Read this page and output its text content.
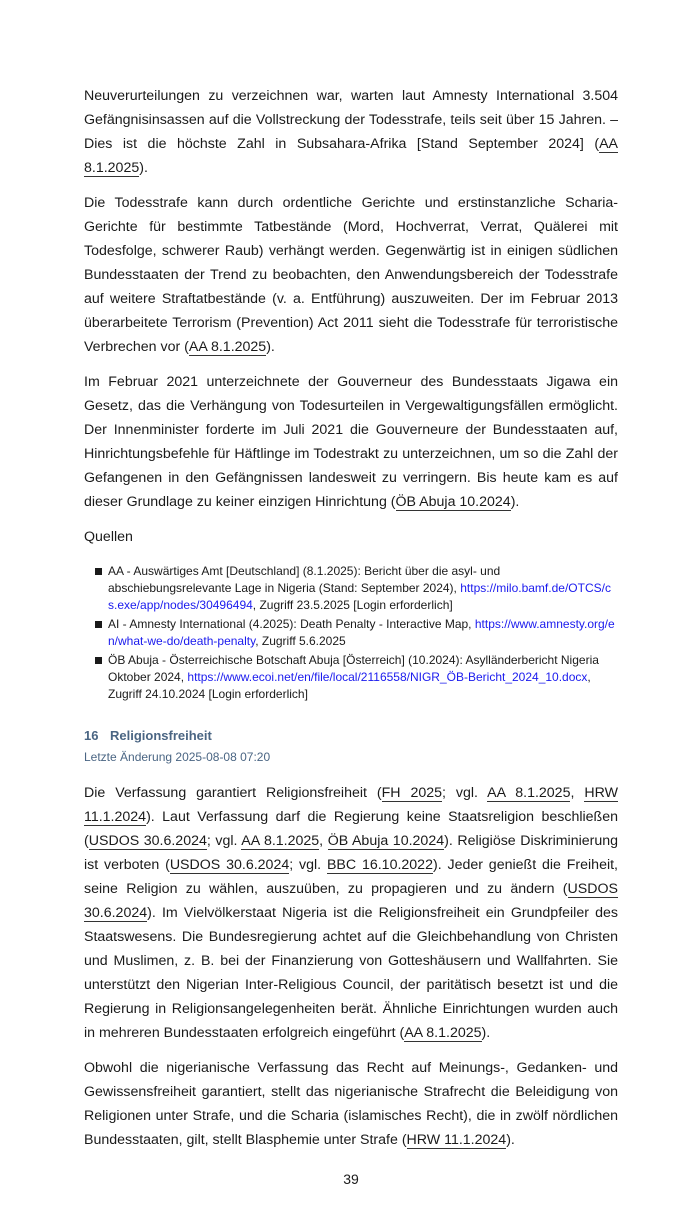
Neuverurteilungen zu verzeichnen war, warten laut Amnesty International 3.504 Gefängnisinsassen auf die Vollstreckung der Todesstrafe, teils seit über 15 Jahren. – Dies ist die höchste Zahl in Subsahara-Afrika [Stand September 2024] (AA 8.1.2025).

Die Todesstrafe kann durch ordentliche Gerichte und erstinstanzliche Scharia-Gerichte für bestimmte Tatbestände (Mord, Hochverrat, Verrat, Quälerei mit Todesfolge, schwerer Raub) verhängt werden. Gegenwärtig ist in einigen südlichen Bundesstaaten der Trend zu beobachten, den Anwendungsbereich der Todesstrafe auf weitere Straftatbestände (v. a. Entführung) auszuweiten. Der im Februar 2013 überarbeitete Terrorism (Prevention) Act 2011 sieht die Todesstrafe für terroristische Verbrechen vor (AA 8.1.2025).

Im Februar 2021 unterzeichnete der Gouverneur des Bundesstaats Jigawa ein Gesetz, das die Verhängung von Todesurteilen in Vergewaltigungsfällen ermöglicht. Der Innenminister forderte im Juli 2021 die Gouverneure der Bundesstaaten auf, Hinrichtungsbefehle für Häftlinge im Todestrakt zu unterzeichnen, um so die Zahl der Gefangenen in den Gefängnissen landesweit zu verringern. Bis heute kam es auf dieser Grundlage zu keiner einzigen Hinrichtung (ÖB Abuja 10.2024).

Quellen

AA - Auswärtiges Amt [Deutschland] (8.1.2025): Bericht über die asyl- und abschiebungsrelevante Lage in Nigeria (Stand: September 2024), https://milo.bamf.de/OTCS/cs.exe/app/nodes/30496494, Zugriff 23.5.2025 [Login erforderlich]
AI - Amnesty International (4.2025): Death Penalty - Interactive Map, https://www.amnesty.org/en/what-we-do/death-penalty, Zugriff 5.6.2025
ÖB Abuja - Österreichische Botschaft Abuja [Österreich] (10.2024): Asylländerbericht Nigeria Oktober 2024, https://www.ecoi.net/en/file/local/2116558/NIGR_ÖB-Bericht_2024_10.docx, Zugriff 24.10.2024 [Login erforderlich]
16 Religionsfreiheit
Letzte Änderung 2025-08-08 07:20

Die Verfassung garantiert Religionsfreiheit (FH 2025; vgl. AA 8.1.2025, HRW 11.1.2024). Laut Verfassung darf die Regierung keine Staatsreligion beschließen (USDOS 30.6.2024; vgl. AA 8.1.2025, ÖB Abuja 10.2024). Religiöse Diskriminierung ist verboten (USDOS 30.6.2024; vgl. BBC 16.10.2022). Jeder genießt die Freiheit, seine Religion zu wählen, auszuüben, zu propagieren und zu ändern (USDOS 30.6.2024). Im Vielvölkerstaat Nigeria ist die Religionsfreiheit ein Grundpfeiler des Staatswesens. Die Bundesregierung achtet auf die Gleichbehandlung von Christen und Muslimen, z. B. bei der Finanzierung von Gotteshäusern und Wallfahrten. Sie unterstützt den Nigerian Inter-Religious Council, der paritätisch besetzt ist und die Regierung in Religionsangelegenheiten berät. Ähnliche Einrichtungen wurden auch in mehreren Bundesstaaten erfolgreich eingeführt (AA 8.1.2025).

Obwohl die nigerianische Verfassung das Recht auf Meinungs-, Gedanken- und Gewissensfreiheit garantiert, stellt das nigerianische Strafrecht die Beleidigung von Religionen unter Strafe, und die Scharia (islamisches Recht), die in zwölf nördlichen Bundesstaaten, gilt, stellt Blasphemie unter Strafe (HRW 11.1.2024).

39
